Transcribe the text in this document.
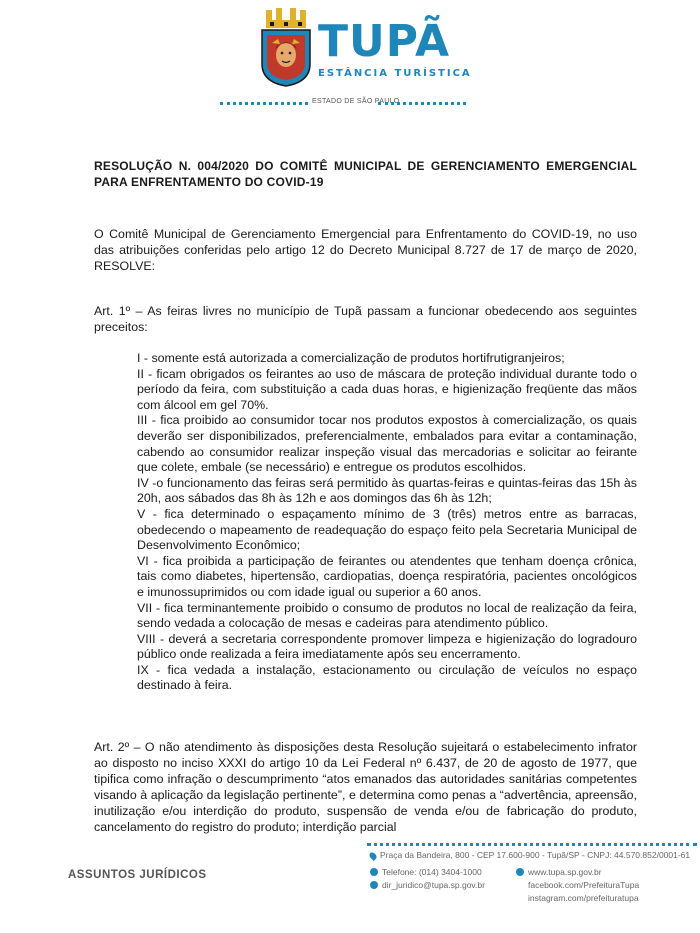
TUPÃ
ESTÂNCIA TURÍSTICA
ESTADO DE SÃO PAULO
RESOLUÇÃO N. 004/2020 DO COMITÊ MUNICIPAL DE GERENCIAMENTO EMERGENCIAL PARA ENFRENTAMENTO DO COVID-19
O Comitê Municipal de Gerenciamento Emergencial para Enfrentamento do COVID-19, no uso das atribuições conferidas pelo artigo 12 do Decreto Municipal 8.727 de 17 de março de 2020, RESOLVE:
Art. 1º – As feiras livres no município de Tupã passam a funcionar obedecendo aos seguintes preceitos:

I - somente está autorizada a comercialização de produtos hortifrutigranjeiros;

II - ficam obrigados os feirantes ao uso de máscara de proteção individual durante todo o período da feira, com substituição a cada duas horas, e higienização freqüente das mãos com álcool em gel 70%.

III - fica proibido ao consumidor tocar nos produtos expostos à comercialização, os quais deverão ser disponibilizados, preferencialmente, embalados para evitar a contaminação, cabendo ao consumidor realizar inspeção visual das mercadorias e solicitar ao feirante que colete, embale (se necessário) e entregue os produtos escolhidos.

IV -o funcionamento das feiras será permitido às quartas-feiras e quintas-feiras das 15h às 20h, aos sábados das 8h às 12h e aos domingos das 6h às 12h;

V - fica determinado o espaçamento mínimo de 3 (três) metros entre as barracas, obedecendo o mapeamento de readequação do espaço feito pela Secretaria Municipal de Desenvolvimento Econômico;

VI - fica proibida a participação de feirantes ou atendentes que tenham doença crônica, tais como diabetes, hipertensão, cardiopatias, doença respiratória, pacientes oncológicos e imunossuprimidos ou com idade igual ou superior a 60 anos.

VII - fica terminantemente proibido o consumo de produtos no local de realização da feira, sendo vedada a colocação de mesas e cadeiras para atendimento público.

VIII - deverá a secretaria correspondente promover limpeza e higienização do logradouro público onde realizada a feira imediatamente após seu encerramento.

IX - fica vedada a instalação, estacionamento ou circulação de veículos no espaço destinado à feira.

Art. 2º – O não atendimento às disposições desta Resolução sujeitará o estabelecimento infrator ao disposto no inciso XXXI do artigo 10 da Lei Federal nº 6.437, de 20 de agosto de 1977, que tipifica como infração o descumprimento “atos emanados das autoridades sanitárias competentes visando à aplicação da legislação pertinente”, e determina como penas a “advertência, apreensão, inutilização e/ou interdição do produto, suspensão de venda e/ou de fabricação do produto, cancelamento do registro do produto; interdição parcial
ASSUNTOS JURÍDICOS
Praça da Bandeira, 800 - CEP 17.600-900 - Tupã/SP - CNPJ: 44.570.852/0001-61
Telefone: (014) 3404-1000
dir_juridico@tupa.sp.gov.br
www.tupa.sp.gov.br
facebook.com/PrefeituraTupa
instagram.com/prefeituratupa
